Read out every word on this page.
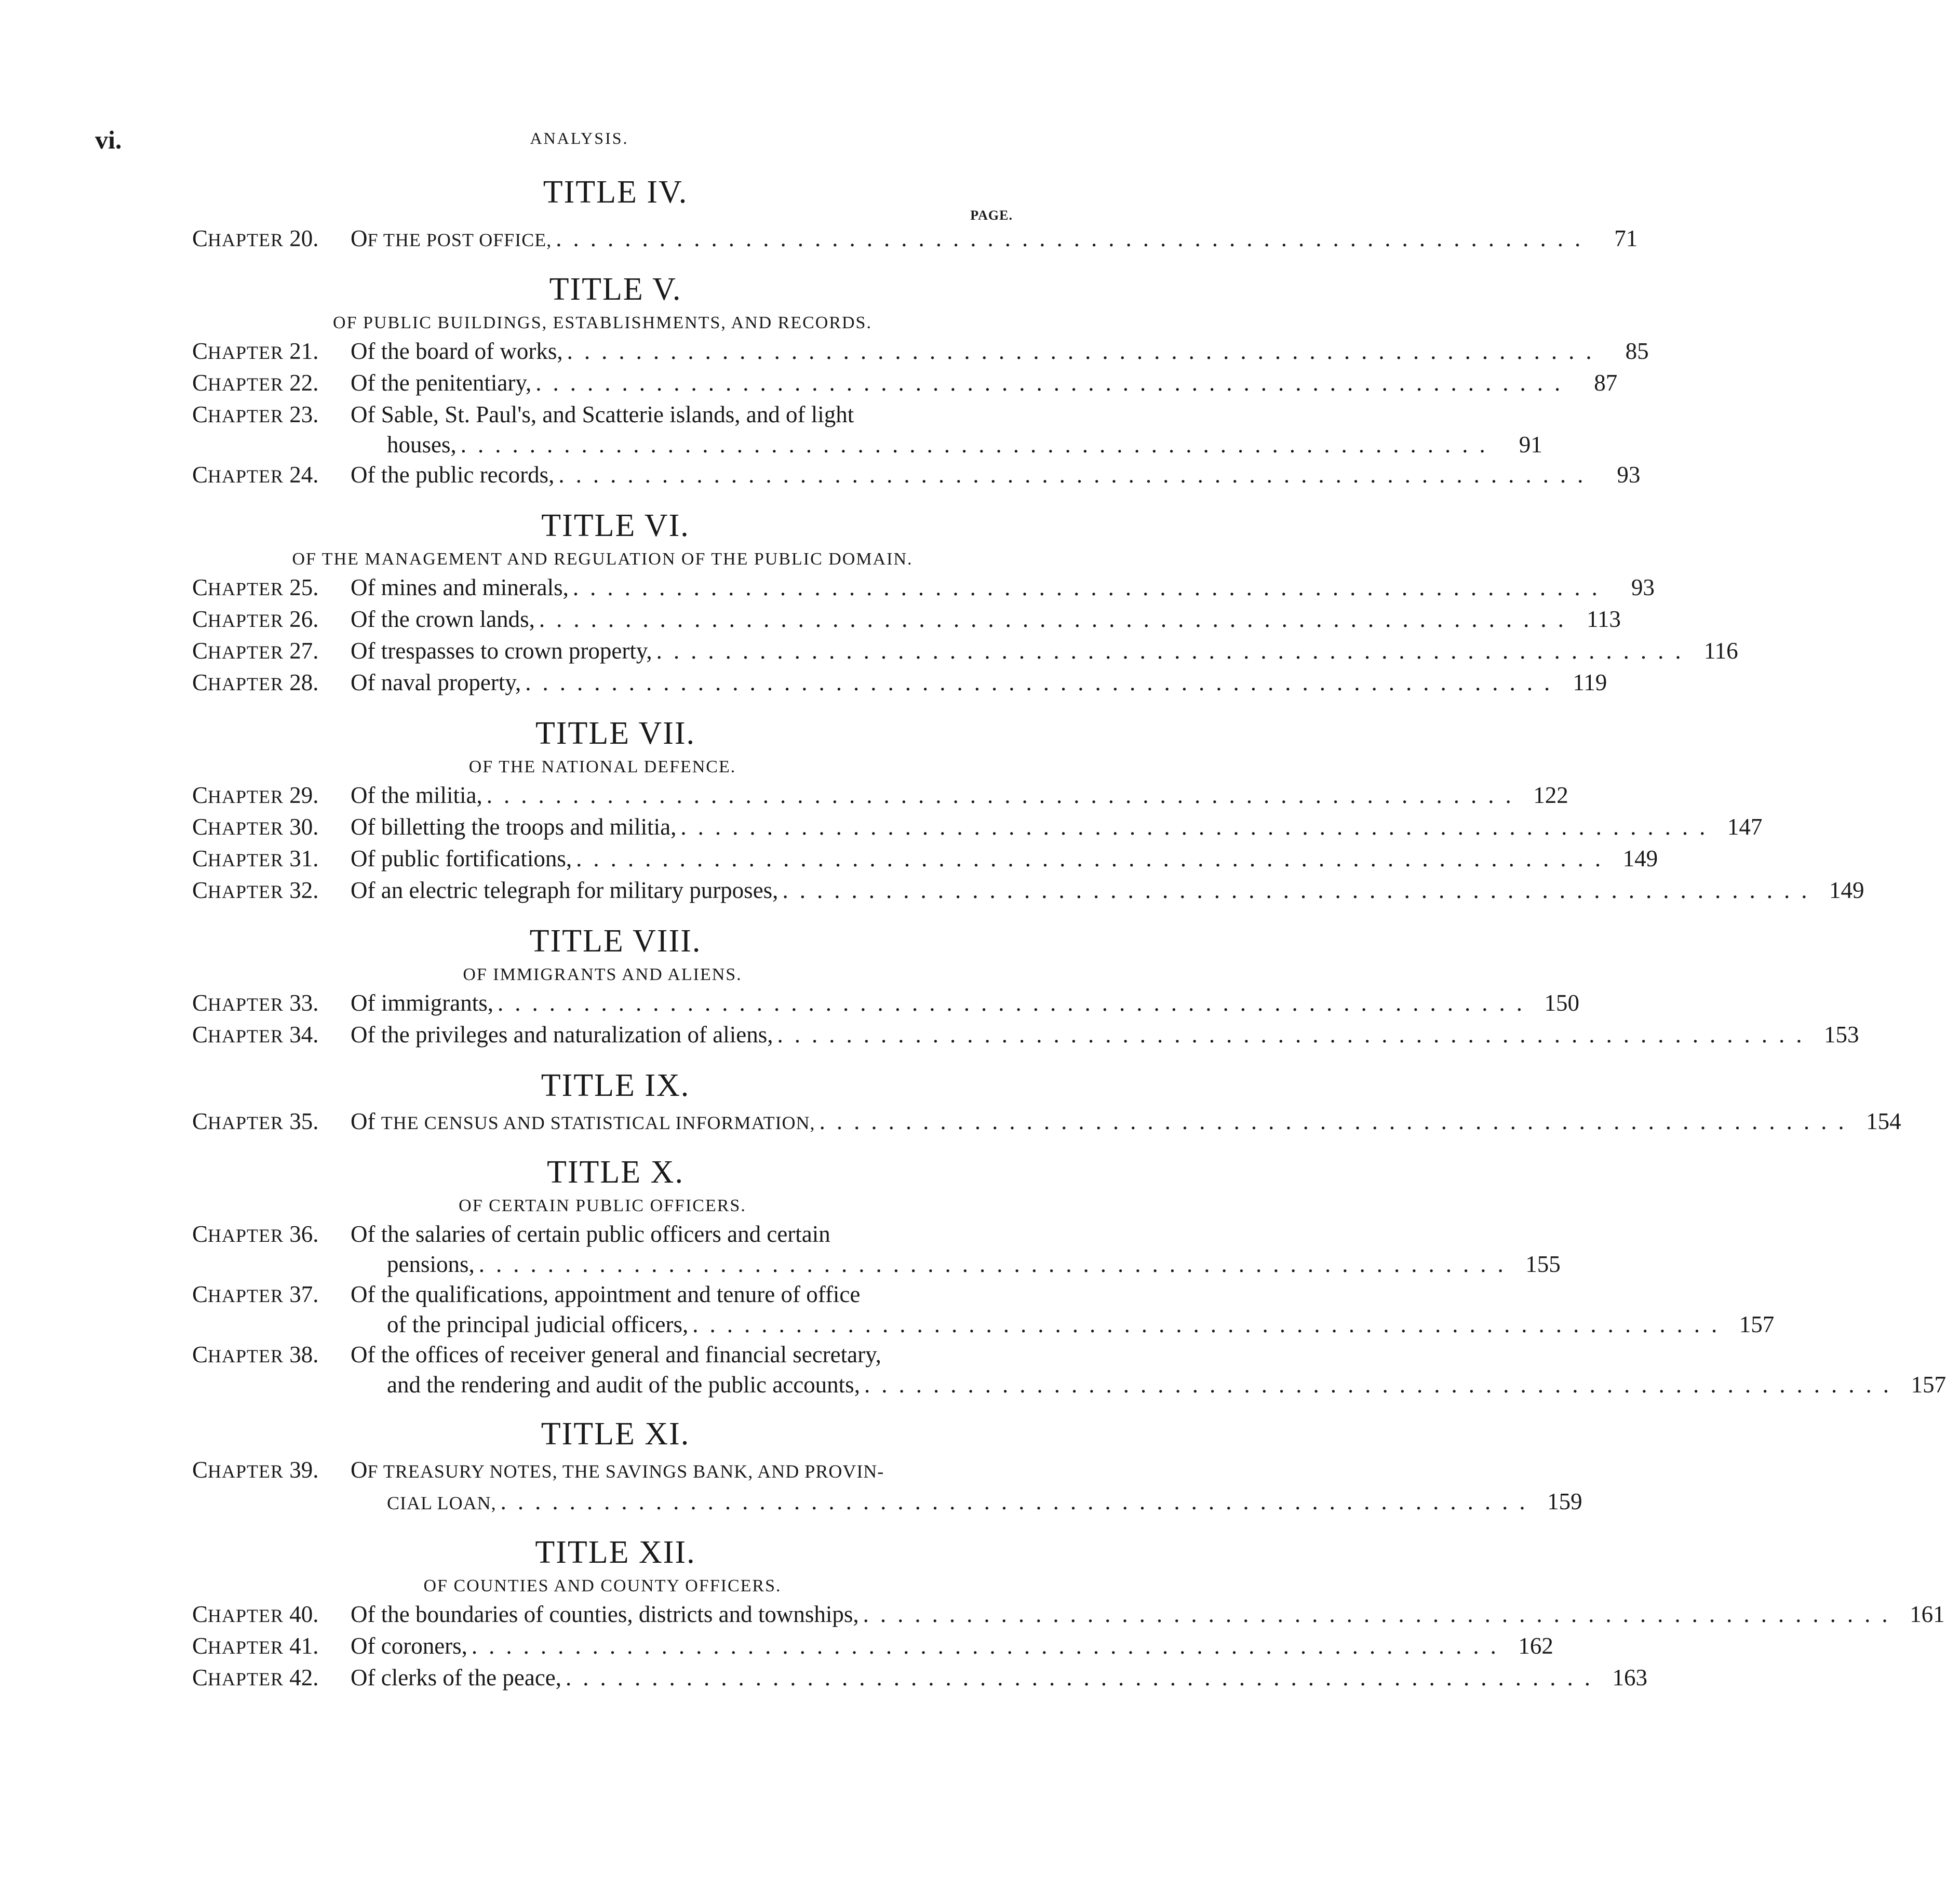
vi.	ANALYSIS.
TITLE IV.
PAGE.
CHAPTER 20.	OF THE POST OFFICE, ............................................................ 71
TITLE V.
OF PUBLIC BUILDINGS, ESTABLISHMENTS, AND RECORDS.
CHAPTER 21.	Of the board of works, ............................................................ 85
CHAPTER 22.	Of the penitentiary, ............................................................ 87
CHAPTER 23.	Of Sable, St. Paul's, and Scatterie islands, and of light
houses, ............................................................ 91
CHAPTER 24.	Of the public records, ............................................................ 93
TITLE VI.
OF THE MANAGEMENT AND REGULATION OF THE PUBLIC DOMAIN.
CHAPTER 25.	Of mines and minerals, ............................................................ 93
CHAPTER 26.	Of the crown lands, ............................................................ 113
CHAPTER 27.	Of trespasses to crown property, ............................................................ 116
CHAPTER 28.	Of naval property, ............................................................ 119
TITLE VII.
OF THE NATIONAL DEFENCE.
CHAPTER 29.	Of the militia, ............................................................ 122
CHAPTER 30.	Of billetting the troops and militia, ............................................................ 147
CHAPTER 31.	Of public fortifications, ............................................................ 149
CHAPTER 32.	Of an electric telegraph for military purposes, ............................................................ 149
TITLE VIII.
OF IMMIGRANTS AND ALIENS.
CHAPTER 33.	Of immigrants, ............................................................ 150
CHAPTER 34.	Of the privileges and naturalization of aliens, ............................................................ 153
TITLE IX.
CHAPTER 35.	Of THE CENSUS AND STATISTICAL INFORMATION, ............................................................ 154
TITLE X.
OF CERTAIN PUBLIC OFFICERS.
CHAPTER 36.	Of the salaries of certain public officers and certain
pensions, ............................................................ 155
CHAPTER 37.	Of the qualifications, appointment and tenure of office
of the principal judicial officers, ............................................................ 157
CHAPTER 38.	Of the offices of receiver general and financial secretary,
and the rendering and audit of the public accounts, ............................................................ 157
TITLE XI.
CHAPTER 39.	OF TREASURY NOTES, THE SAVINGS BANK, AND PROVIN-
CIAL LOAN, ............................................................ 159
TITLE XII.
OF COUNTIES AND COUNTY OFFICERS.
CHAPTER 40.	Of the boundaries of counties, districts and townships, ............................................................ 161
CHAPTER 41.	Of coroners, ............................................................ 162
CHAPTER 42.	Of clerks of the peace, ............................................................ 163
